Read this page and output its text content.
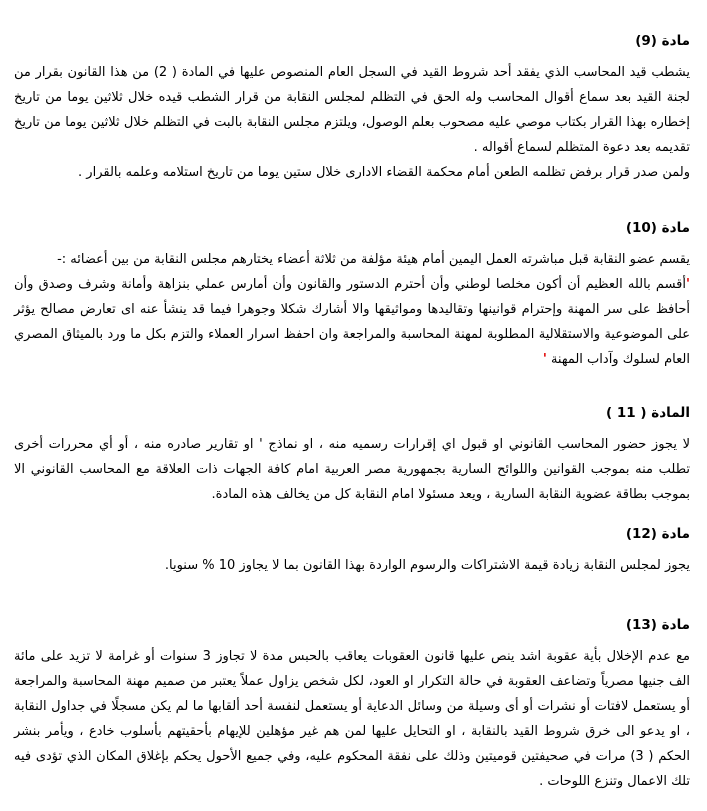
مادة (9)

يشطب قيد المحاسب الذي يفقد أحد شروط القيد في السجل العام المنصوص عليها في المادة ( 2) من هذا القانون بقرار من لجنة القيد بعد سماع أقوال المحاسب وله الحق في التظلم لمجلس النقابة من قرار الشطب قيده خلال ثلاثين يوما من تاريخ إخطاره بهذا القرار بكتاب موصي عليه مصحوب بعلم الوصول، ويلتزم مجلس النقابة بالبت في التظلم خلال ثلاثين يوما من تاريخ تقديمه بعد دعوة المتظلم لسماع أقواله .

ولمن صدر قرار برفض تظلمه الطعن أمام محكمة القضاء الادارى خلال ستين يوما من تاريخ استلامه وعلمه بالقرار .

مادة (10)

يقسم عضو النقابة قبل مباشرته العمل اليمين أمام هيئة مؤلفة من ثلاثة أعضاء يختارهم مجلس النقابة من بين أعضائه :-

'أقسم بالله العظيم أن أكون مخلصا لوطني وأن أحترم الدستور والقانون وأن أمارس عملي بنزاهة وأمانة وشرف وصدق وأن أحافظ على سر المهنة وإحترام قوانينها وتقاليدها ومواثيقها والا أشارك شكلا وجوهرا فيما قد ينشأ عنه اى تعارض مصالح يؤثر على الموضوعية والاستقلالية المطلوبة لمهنة المحاسبة والمراجعة وان احفظ اسرار العملاء والتزم بكل ما ورد بالميثاق المصري العام لسلوك وآداب المهنة '

المادة ( 11 )

لا يجوز حضور المحاسب القانوني او قبول اي إقرارات رسميه منه ، او نماذج ' او تقارير صادره منه ، أو أي محررات أخرى تطلب منه بموجب القوانين واللوائح السارية بجمهورية مصر العربية امام كافة الجهات ذات العلاقة مع المحاسب القانوني الا بموجب بطاقة عضوية النقابة السارية ، ويعد مسئولا امام النقابة كل من يخالف هذه المادة.

مادة (12)

يجوز لمجلس النقابة زيادة قيمة الاشتراكات والرسوم الواردة بهذا القانون بما لا يجاوز 10 % سنويا.

مادة (13)

مع عدم الإخلال بأية عقوبة اشد ينص عليها قانون العقوبات يعاقب بالحبس مدة لا تجاوز 3 سنوات أو غرامة لا تزيد على مائة الف جنيها مصرياً وتضاعف العقوبة في حالة التكرار او العود، لكل شخص يزاول عملاً يعتبر من صميم مهنة المحاسبة والمراجعة أو يستعمل لافتات أو نشرات أو أى وسيلة من وسائل الدعاية أو يستعمل لنفسة أحد ألقابها ما لم يكن مسجلًا في جداول النقابة ، او يدعو الى خرق شروط القيد بالنقابة ، او التحايل عليها لمن هم غير مؤهلين للإيهام بأحقيتهم بأسلوب خادع ، ويأمر بنشر الحكم ( 3) مرات في صحيفتين قوميتين وذلك على نفقة المحكوم عليه، وفي جميع الأحول يحكم بإغلاق المكان الذي تؤدى فيه تلك الاعمال وتنزع اللوحات .
